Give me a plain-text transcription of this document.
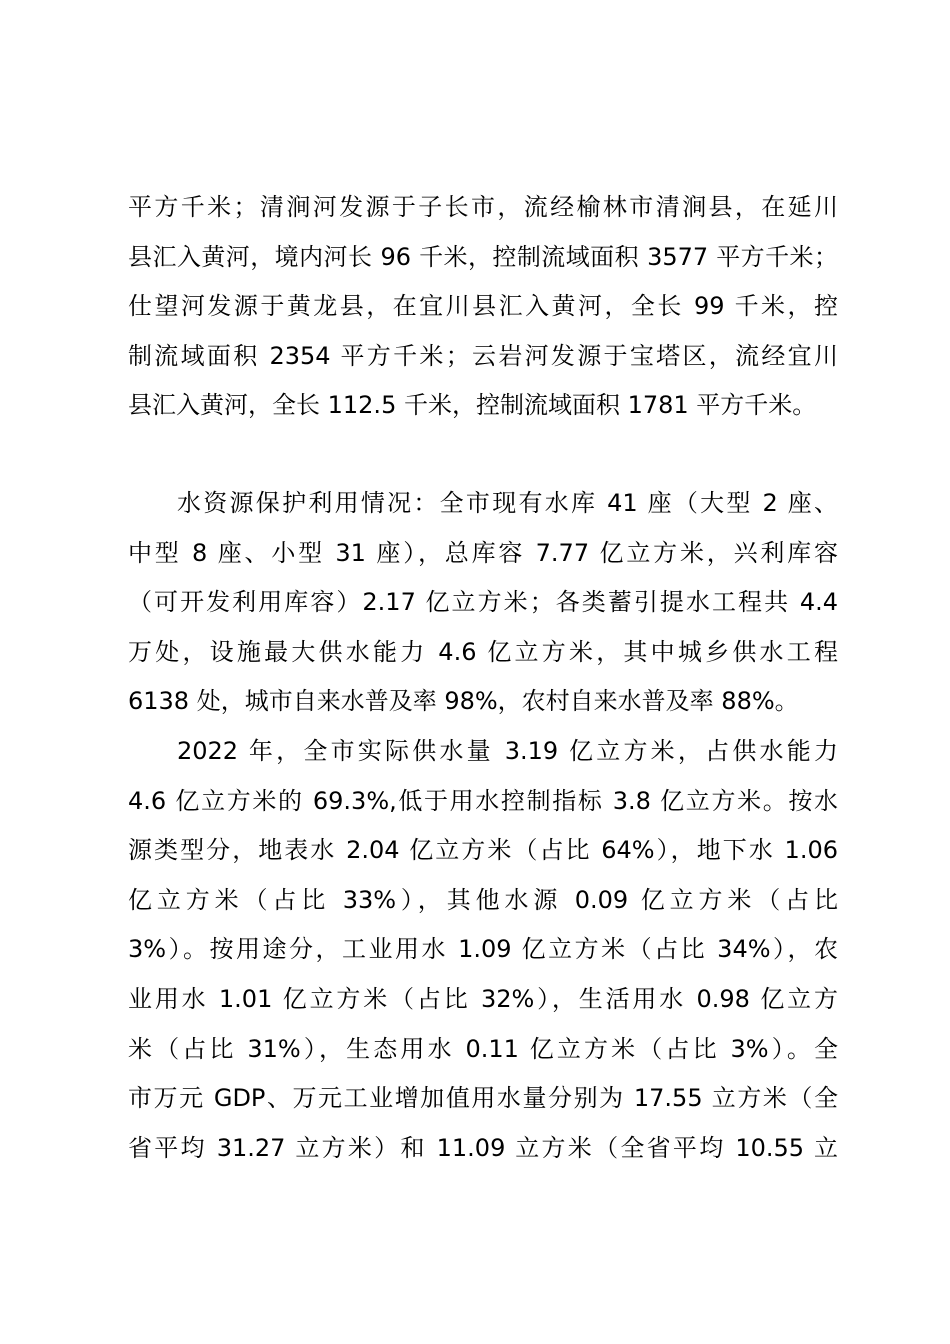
平方千米；清涧河发源于子长市，流经榆林市清涧县，在延川
县汇入黄河，境内河长 96 千米，控制流域面积 3577 平方千米；
仕望河发源于黄龙县，在宜川县汇入黄河，全长 99 千米，控
制流域面积 2354 平方千米；云岩河发源于宝塔区，流经宜川
县汇入黄河，全长 112.5 千米，控制流域面积 1781 平方千米。
水资源保护利用情况：全市现有水库 41 座（大型 2 座、
中型 8 座、小型 31 座），总库容 7.77 亿立方米，兴利库容
（可开发利用库容）2.17 亿立方米；各类蓄引提水工程共 4.4
万处，设施最大供水能力 4.6 亿立方米，其中城乡供水工程
6138 处，城市自来水普及率 98%，农村自来水普及率 88%。
2022 年，全市实际供水量 3.19 亿立方米，占供水能力
4.6 亿立方米的 69.3%,低于用水控制指标 3.8 亿立方米。按水
源类型分，地表水 2.04 亿立方米（占比 64%），地下水 1.06
亿立方米（占比 33%），其他水源 0.09 亿立方米（占比
3%）。按用途分，工业用水 1.09 亿立方米（占比 34%），农
业用水 1.01 亿立方米（占比 32%），生活用水 0.98 亿立方
米（占比 31%），生态用水 0.11 亿立方米（占比 3%）。全
市万元 GDP、万元工业增加值用水量分别为 17.55 立方米（全
省平均 31.27 立方米）和 11.09 立方米（全省平均 10.55 立
